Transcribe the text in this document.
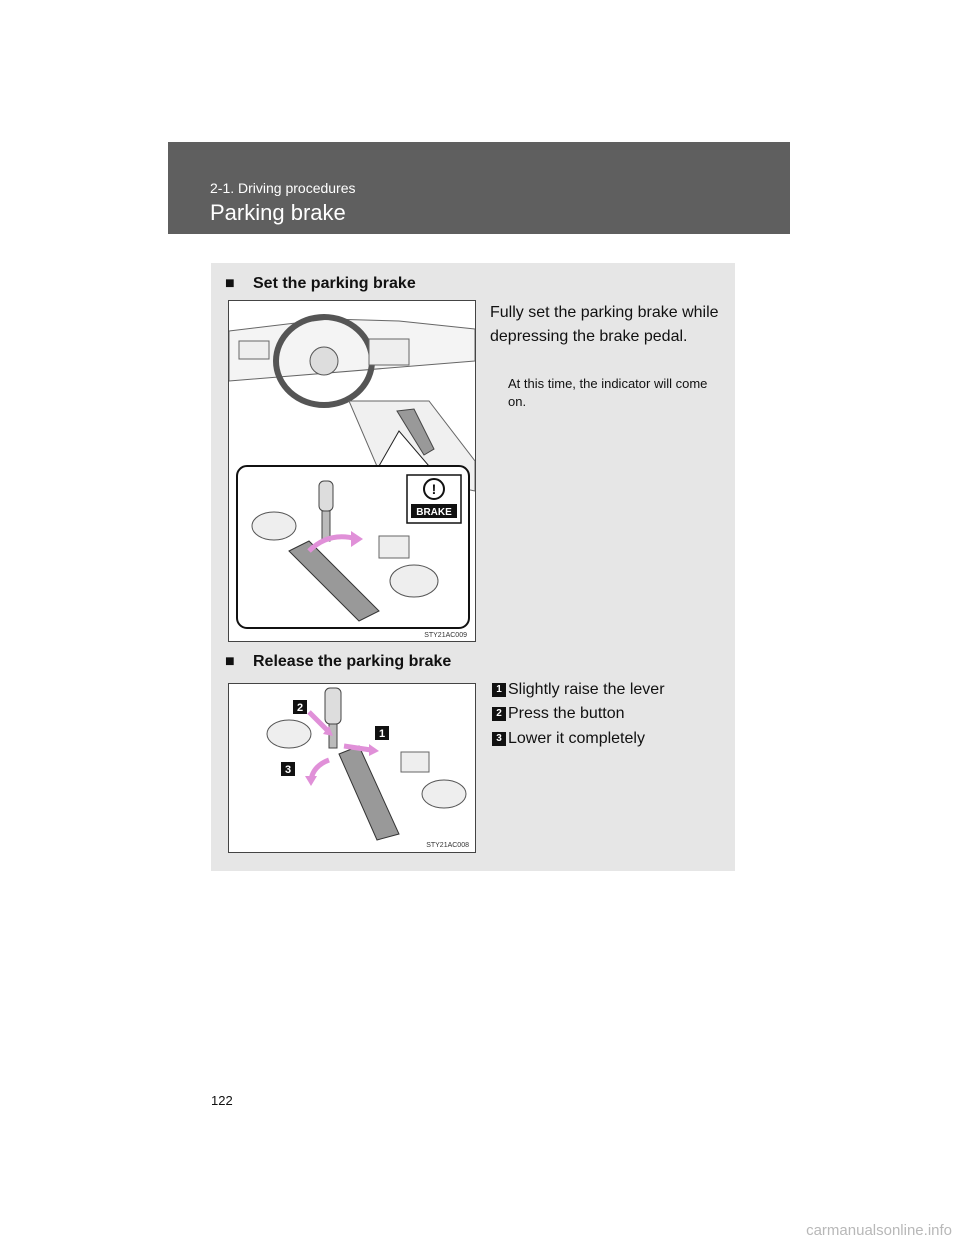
2-1. Driving procedures
Parking brake
■ Set the parking brake
!
BRAKE
STY21AC009
Fully set the parking brake while depressing the brake pedal.
At this time, the indicator will come on.
■ Release the parking brake
2
1
3
STY21AC008
1 Slightly raise the lever
2 Press the button
3 Lower it completely
122
carmanualsonline.info
